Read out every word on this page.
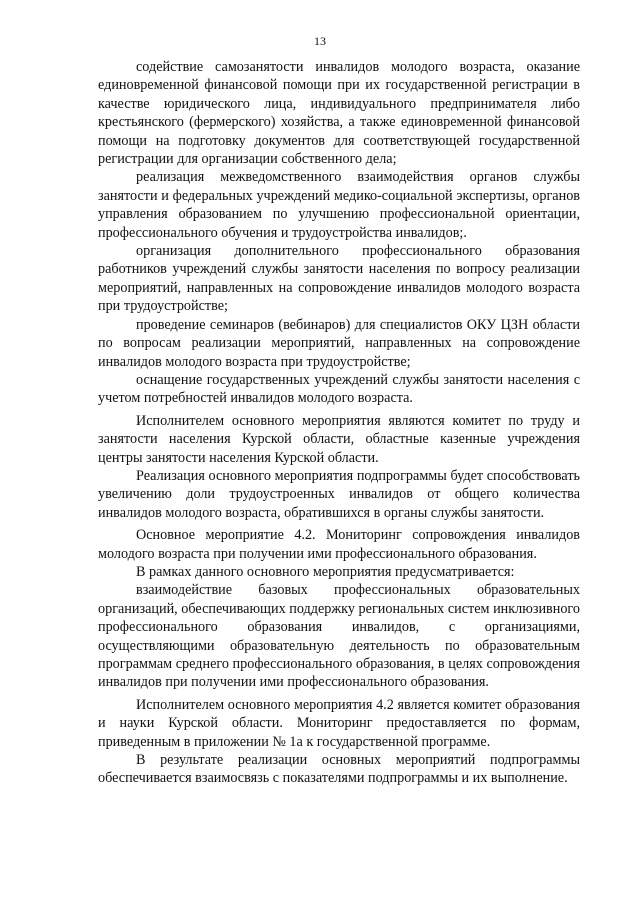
13

содействие самозанятости инвалидов молодого возраста, оказание единовременной финансовой помощи при их государственной регистрации в качестве юридического лица, индивидуального предпринимателя либо крестьянского (фермерского) хозяйства, а также единовременной финансовой помощи на подготовку документов для соответствующей государственной регистрации для организации собственного дела;

реализация межведомственного взаимодействия органов службы занятости и федеральных учреждений медико-социальной экспертизы, органов управления образованием по улучшению профессиональной ориентации, профессионального обучения и трудоустройства инвалидов;.

организация дополнительного профессионального образования работников учреждений службы занятости населения по вопросу реализации мероприятий, направленных на сопровождение инвалидов молодого возраста при трудоустройстве;

проведение семинаров (вебинаров) для специалистов ОКУ ЦЗН области по вопросам реализации мероприятий, направленных на сопровождение инвалидов молодого возраста при трудоустройстве;

оснащение государственных учреждений службы занятости населения с учетом потребностей инвалидов молодого возраста.

Исполнителем основного мероприятия являются комитет по труду и занятости населения Курской области, областные казенные учреждения центры занятости населения Курской области.

Реализация основного мероприятия подпрограммы будет способствовать увеличению доли трудоустроенных инвалидов от общего количества инвалидов молодого возраста, обратившихся в органы службы занятости.

Основное мероприятие 4.2. Мониторинг сопровождения инвалидов молодого возраста при получении ими профессионального образования.

В рамках данного основного мероприятия предусматривается:

взаимодействие базовых профессиональных образовательных организаций, обеспечивающих поддержку региональных систем инклюзивного профессионального образования инвалидов, с организациями, осуществляющими образовательную деятельность по образовательным программам среднего профессионального образования, в целях сопровождения инвалидов при получении ими профессионального образования.

Исполнителем основного мероприятия 4.2 является комитет образования и науки Курской области. Мониторинг предоставляется по формам, приведенным в приложении № 1а к государственной программе.

В результате реализации основных мероприятий подпрограммы обеспечивается взаимосвязь с показателями подпрограммы и их выполнение.
